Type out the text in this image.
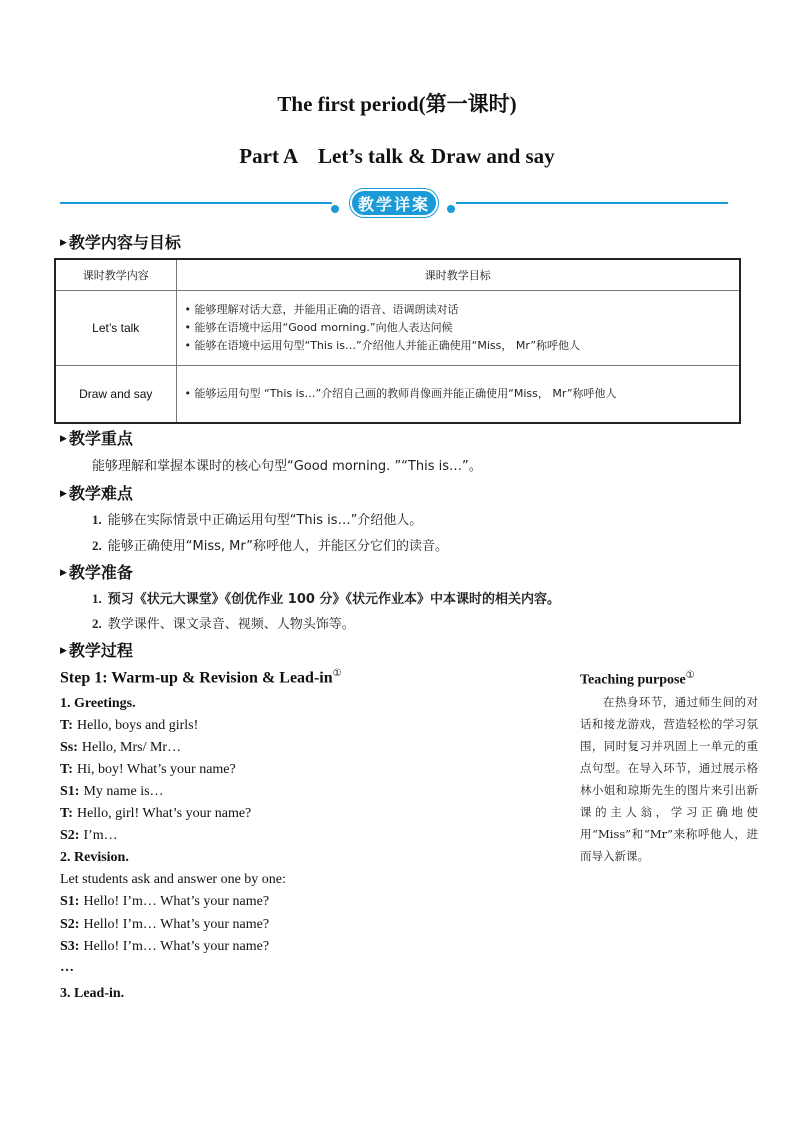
The first period(第一课时)
Part A　Let’s talk & Draw and say
教学详案
▶ 教学内容与目标
课时教学内容	课时教学目标
Let’s talk	• 能够理解对话大意，并能用正确的语音、语调朗读对话
• 能够在语境中运用“Good morning.”向他人表达问候
• 能够在语境中运用句型“This is…”介绍他人并能正确使用“Miss， Mr”称呼他人

Draw and say	• 能够运用句型 “This is…”介绍自己画的教师肖像画并能正确使用“Miss， Mr”称呼他人
▶ 教学重点
能够理解和掌握本课时的核心句型“Good morning. ”“This is…”。
▶ 教学难点
1. 能够在实际情景中正确运用句型“This is…”介绍他人。
2. 能够正确使用“Miss, Mr”称呼他人，并能区分它们的读音。
▶ 教学准备
1. 预习《状元大课堂》《创优作业 100 分》《状元作业本》中本课时的相关内容。
2. 教学课件、课文录音、视频、人物头饰等。
▶ 教学过程
Step 1: Warm-up & Revision & Lead-in①
1. Greetings.
T: Hello, boys and girls!
Ss: Hello, Mrs/ Mr…
T: Hi, boy! What’s your name?
S1: My name is…
T: Hello, girl! What’s your name?
S2: I’m…
2. Revision.
Let students ask and answer one by one:
S1: Hello! I’m… What’s your name?
S2: Hello! I’m… What’s your name?
S3: Hello! I’m… What’s your name?
…
3. Lead-in.
Teaching purpose①
在热身环节，通过师生间的对话和接龙游戏，营造轻松的学习氛围，同时复习并巩固上一单元的重点句型。在导入环节，通过展示格林小姐和琼斯先生的图片来引出新课的主人翁，学习正确地使用“Miss”和“Mr”来称呼他人，进而导入新课。
